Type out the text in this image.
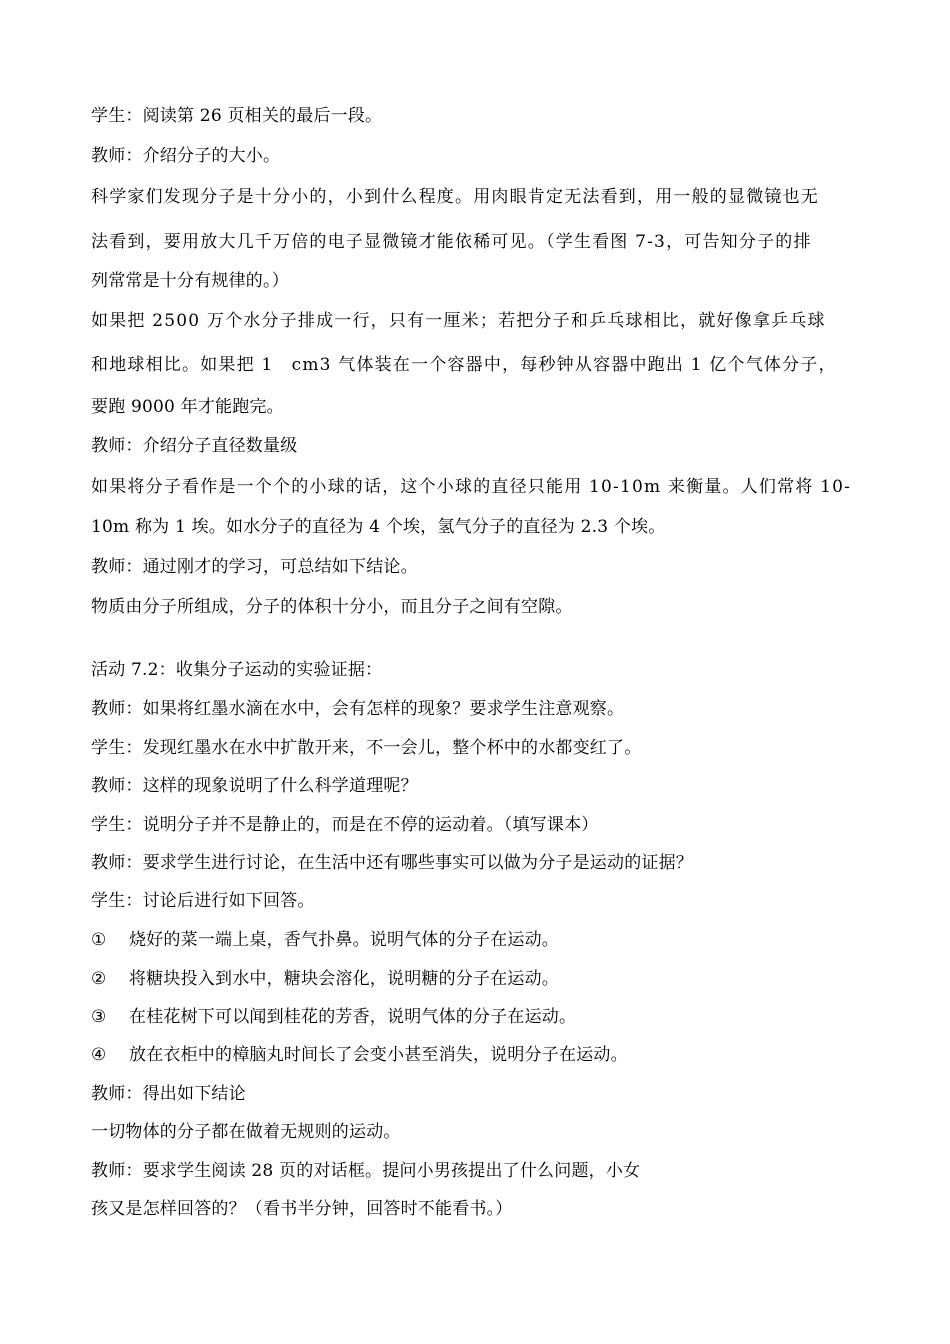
学生：阅读第 26 页相关的最后一段。
教师：介绍分子的大小。
科学家们发现分子是十分小的，小到什么程度。用肉眼肯定无法看到，用一般的显微镜也无
法看到，要用放大几千万倍的电子显微镜才能依稀可见。（学生看图 7-3，可告知分子的排
列常常是十分有规律的。）
如果把 2500 万个水分子排成一行，只有一厘米；若把分子和乒乓球相比，就好像拿乒乓球
和地球相比。如果把 1　cm3 气体装在一个容器中，每秒钟从容器中跑出 1 亿个气体分子，
要跑 9000 年才能跑完。
教师：介绍分子直径数量级
如果将分子看作是一个个的小球的话，这个小球的直径只能用 10-10m 来衡量。人们常将 10-
10m 称为 1 埃。如水分子的直径为 4 个埃，氢气分子的直径为 2.3 个埃。
教师：通过刚才的学习，可总结如下结论。
物质由分子所组成，分子的体积十分小，而且分子之间有空隙。
活动 7.2：收集分子运动的实验证据：
教师：如果将红墨水滴在水中，会有怎样的现象？要求学生注意观察。
学生：发现红墨水在水中扩散开来，不一会儿，整个杯中的水都变红了。
教师：这样的现象说明了什么科学道理呢？
学生：说明分子并不是静止的，而是在不停的运动着。（填写课本）
教师：要求学生进行讨论，在生活中还有哪些事实可以做为分子是运动的证据？
学生：讨论后进行如下回答。
① 烧好的菜一端上桌，香气扑鼻。说明气体的分子在运动。
② 将糖块投入到水中，糖块会溶化，说明糖的分子在运动。
③ 在桂花树下可以闻到桂花的芳香，说明气体的分子在运动。
④ 放在衣柜中的樟脑丸时间长了会变小甚至消失，说明分子在运动。
教师：得出如下结论
一切物体的分子都在做着无规则的运动。
教师：要求学生阅读 28 页的对话框。提问小男孩提出了什么问题，小女
孩又是怎样回答的？（看书半分钟，回答时不能看书。）
